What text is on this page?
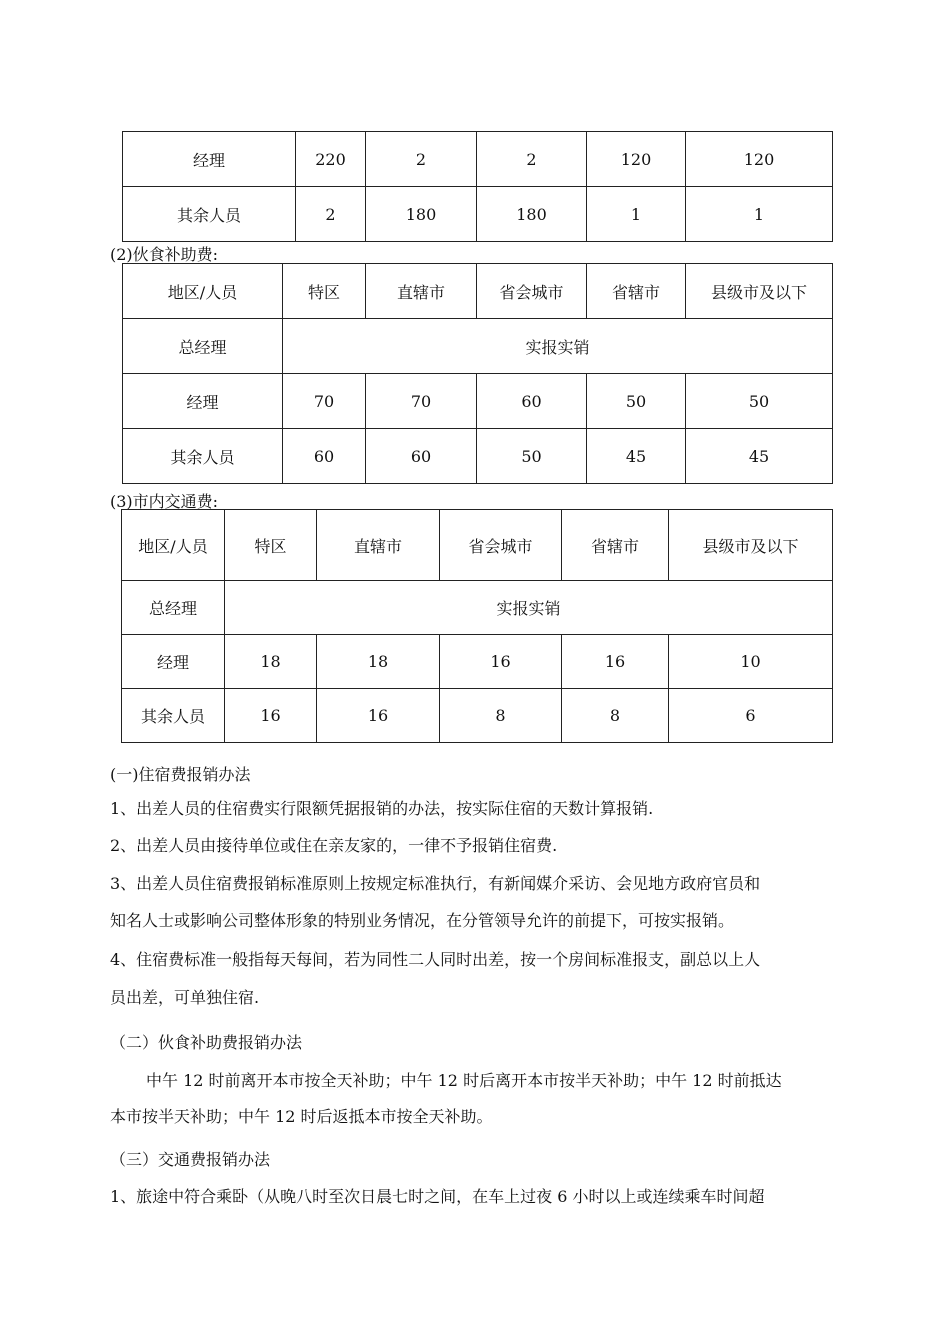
经理	220	2	2	120	120
其余人员	2	180	180	1	1
(2)伙食补助费:
地区/人员	特区	直辖市	省会城市	省辖市	县级市及以下
总经理	实报实销				
经理	70	70	60	50	50
其余人员	60	60	50	45	45
(3)市内交通费:
地区/人员	特区	直辖市	省会城市	省辖市	县级市及以下
总经理	实报实销				
经理	18	18	16	16	10
其余人员	16	16	8	8	6
(一)住宿费报销办法
1、出差人员的住宿费实行限额凭据报销的办法，按实际住宿的天数计算报销.
2、出差人员由接待单位或住在亲友家的，一律不予报销住宿费.
3、出差人员住宿费报销标准原则上按规定标准执行，有新闻媒介采访、会见地方政府官员和
知名人士或影响公司整体形象的特别业务情况，在分管领导允许的前提下，可按实报销。
4、住宿费标准一般指每天每间，若为同性二人同时出差，按一个房间标准报支，副总以上人
员出差，可单独住宿.
（二）伙食补助费报销办法
中午 12 时前离开本市按全天补助；中午 12 时后离开本市按半天补助；中午 12 时前抵达
本市按半天补助；中午 12 时后返抵本市按全天补助。
（三）交通费报销办法
1、旅途中符合乘卧（从晚八时至次日晨七时之间，在车上过夜 6 小时以上或连续乘车时间超
